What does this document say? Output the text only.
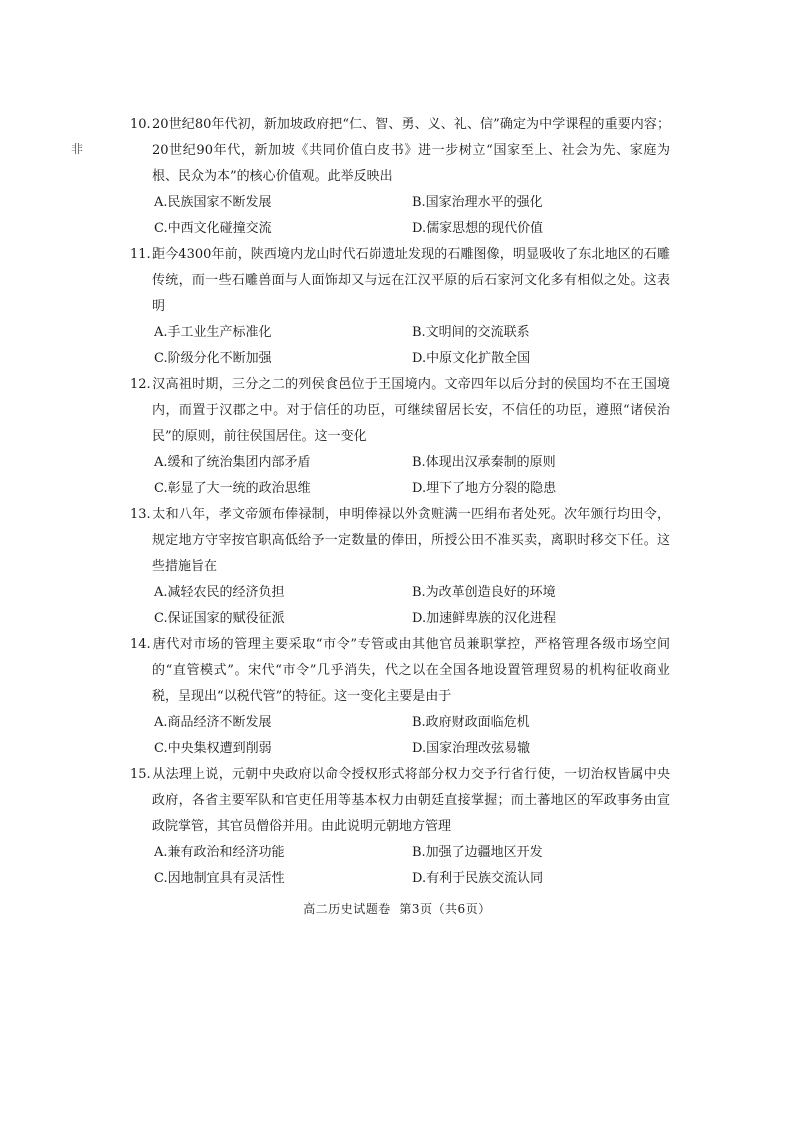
非

10.20世纪80年代初，新加坡政府把“仁、智、勇、义、礼、信”确定为中学课程的重要内容；20世纪90年代，新加坡《共同价值白皮书》进一步树立“国家至上、社会为先、家庭为根、民众为本”的核心价值观。此举反映出

A.民族国家不断发展	B.国家治理水平的强化
C.中西文化碰撞交流	D.儒家思想的现代价值

11.距今4300年前，陕西境内龙山时代石峁遗址发现的石雕图像，明显吸收了东北地区的石雕传统，而一些石雕兽面与人面饰却又与远在江汉平原的后石家河文化多有相似之处。这表明

A.手工业生产标准化	B.文明间的交流联系
C.阶级分化不断加强	D.中原文化扩散全国

12.汉高祖时期，三分之二的列侯食邑位于王国境内。文帝四年以后分封的侯国均不在王国境内，而置于汉郡之中。对于信任的功臣，可继续留居长安，不信任的功臣，遵照“诸侯治民”的原则，前往侯国居住。这一变化

A.缓和了统治集团内部矛盾	B.体现出汉承秦制的原则
C.彰显了大一统的政治思维	D.埋下了地方分裂的隐患

13.太和八年，孝文帝颁布俸禄制，申明俸禄以外贪赃满一匹绢布者处死。次年颁行均田令，规定地方守宰按官职高低给予一定数量的俸田，所授公田不准买卖，离职时移交下任。这些措施旨在

A.减轻农民的经济负担	B.为改革创造良好的环境
C.保证国家的赋役征派	D.加速鲜卑族的汉化进程

14.唐代对市场的管理主要采取“市令”专管或由其他官员兼职掌控，严格管理各级市场空间的“直管模式”。宋代“市令”几乎消失，代之以在全国各地设置管理贸易的机构征收商业税，呈现出“以税代管”的特征。这一变化主要是由于

A.商品经济不断发展	B.政府财政面临危机
C.中央集权遭到削弱	D.国家治理改弦易辙

15.从法理上说，元朝中央政府以命令授权形式将部分权力交予行省行使，一切治权皆属中央政府，各省主要军队和官吏任用等基本权力由朝廷直接掌握；而土蕃地区的军政事务由宣政院掌管，其官员僧俗并用。由此说明元朝地方管理

A.兼有政治和经济功能	B.加强了边疆地区开发
C.因地制宜具有灵活性	D.有利于民族交流认同
高二历史试题卷  第3页（共6页）
